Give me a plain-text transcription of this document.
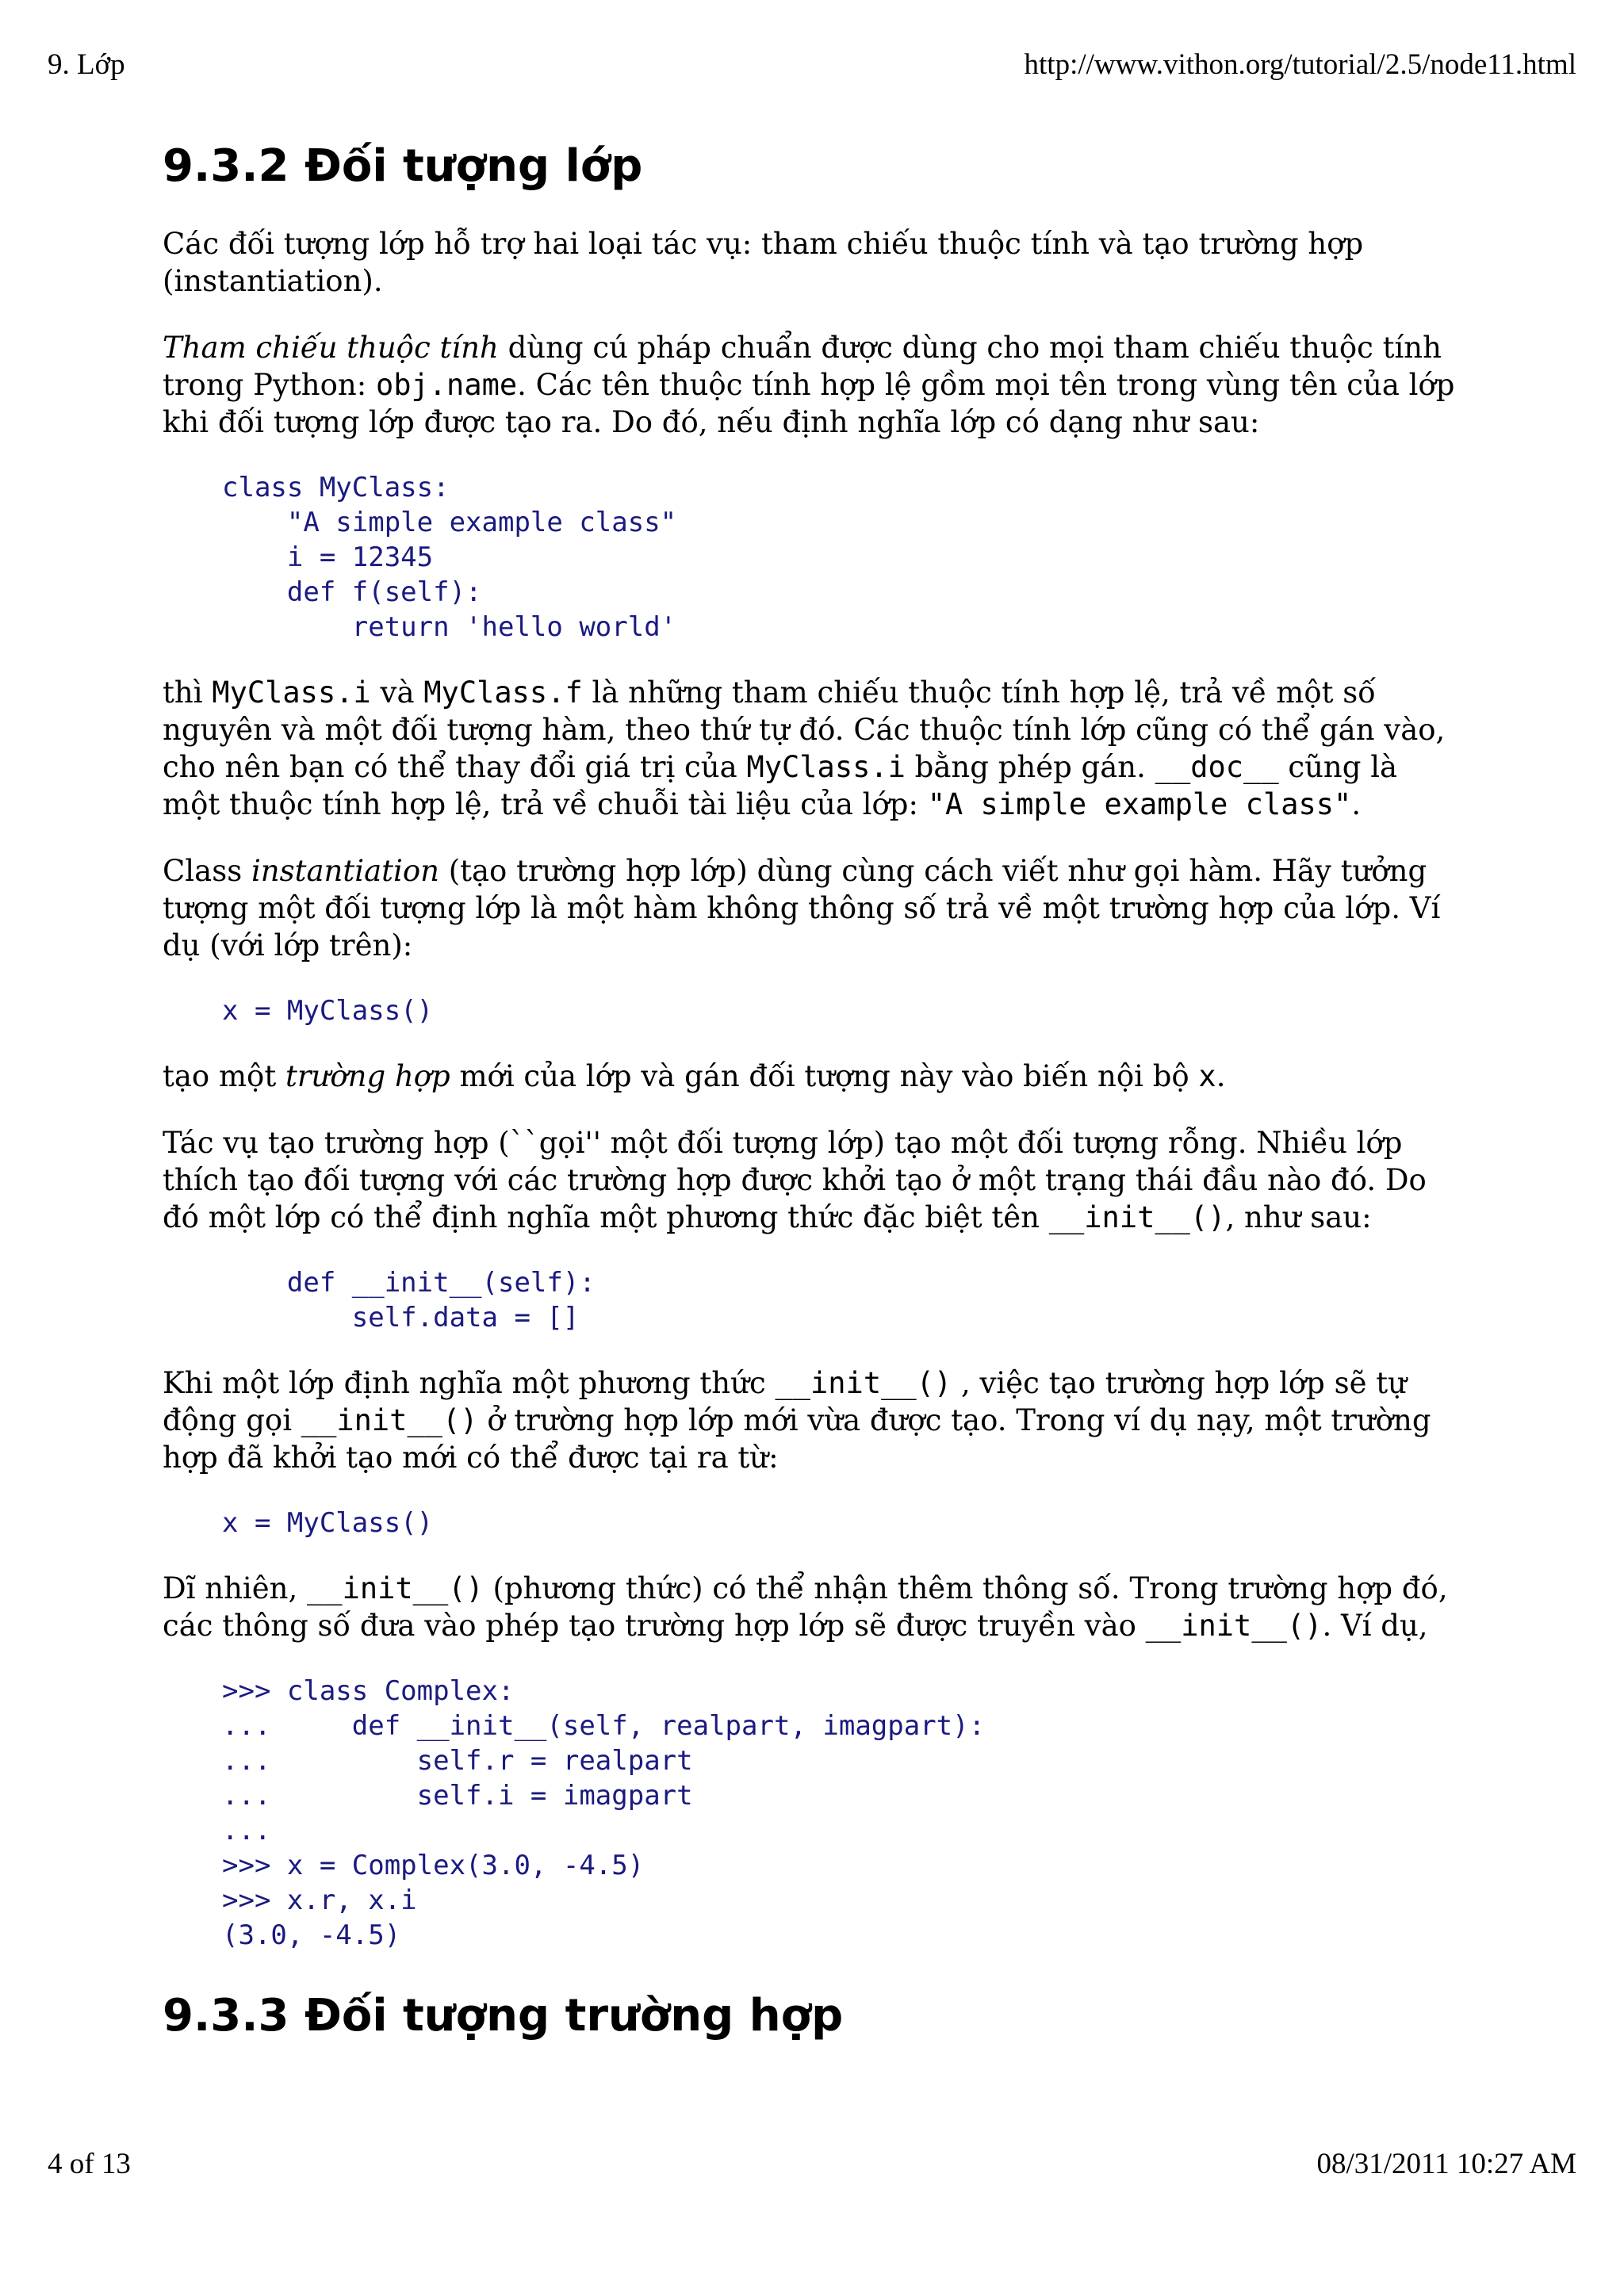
9. Lớp	http://www.vithon.org/tutorial/2.5/node11.html
9.3.2 Đối tượng lớp

Các đối tượng lớp hỗ trợ hai loại tác vụ: tham chiếu thuộc tính và tạo trường hợp (instantiation).

Tham chiếu thuộc tính dùng cú pháp chuẩn được dùng cho mọi tham chiếu thuộc tính trong Python: obj.name. Các tên thuộc tính hợp lệ gồm mọi tên trong vùng tên của lớp khi đối tượng lớp được tạo ra. Do đó, nếu định nghĩa lớp có dạng như sau:

class MyClass:
"A simple example class"
i = 12345
def f(self):
return 'hello world'

thì MyClass.i và MyClass.f là những tham chiếu thuộc tính hợp lệ, trả về một số nguyên và một đối tượng hàm, theo thứ tự đó. Các thuộc tính lớp cũng có thể gán vào, cho nên bạn có thể thay đổi giá trị của MyClass.i bằng phép gán. __doc__ cũng là một thuộc tính hợp lệ, trả về chuỗi tài liệu của lớp: "A simple example class".

Class instantiation (tạo trường hợp lớp) dùng cùng cách viết như gọi hàm. Hãy tưởng tượng một đối tượng lớp là một hàm không thông số trả về một trường hợp của lớp. Ví dụ (với lớp trên):

x = MyClass()

tạo một trường hợp mới của lớp và gán đối tượng này vào biến nội bộ x.

Tác vụ tạo trường hợp (``gọi'' một đối tượng lớp) tạo một đối tượng rỗng. Nhiều lớp thích tạo đối tượng với các trường hợp được khởi tạo ở một trạng thái đầu nào đó. Do đó một lớp có thể định nghĩa một phương thức đặc biệt tên __init__(), như sau:

def __init__(self):
self.data = []

Khi một lớp định nghĩa một phương thức __init__() , việc tạo trường hợp lớp sẽ tự động gọi __init__() ở trường hợp lớp mới vừa được tạo. Trong ví dụ nạy, một trường hợp đã khởi tạo mới có thể được tại ra từ:

x = MyClass()

Dĩ nhiên, __init__() (phương thức) có thể nhận thêm thông số. Trong trường hợp đó, các thông số đưa vào phép tạo trường hợp lớp sẽ được truyền vào __init__(). Ví dụ,

>>> class Complex:
...     def __init__(self, realpart, imagpart):
...         self.r = realpart
...         self.i = imagpart
...
>>> x = Complex(3.0, -4.5)
>>> x.r, x.i
(3.0, -4.5)
9.3.3 Đối tượng trường hợp
4 of 13	08/31/2011 10:27 AM
